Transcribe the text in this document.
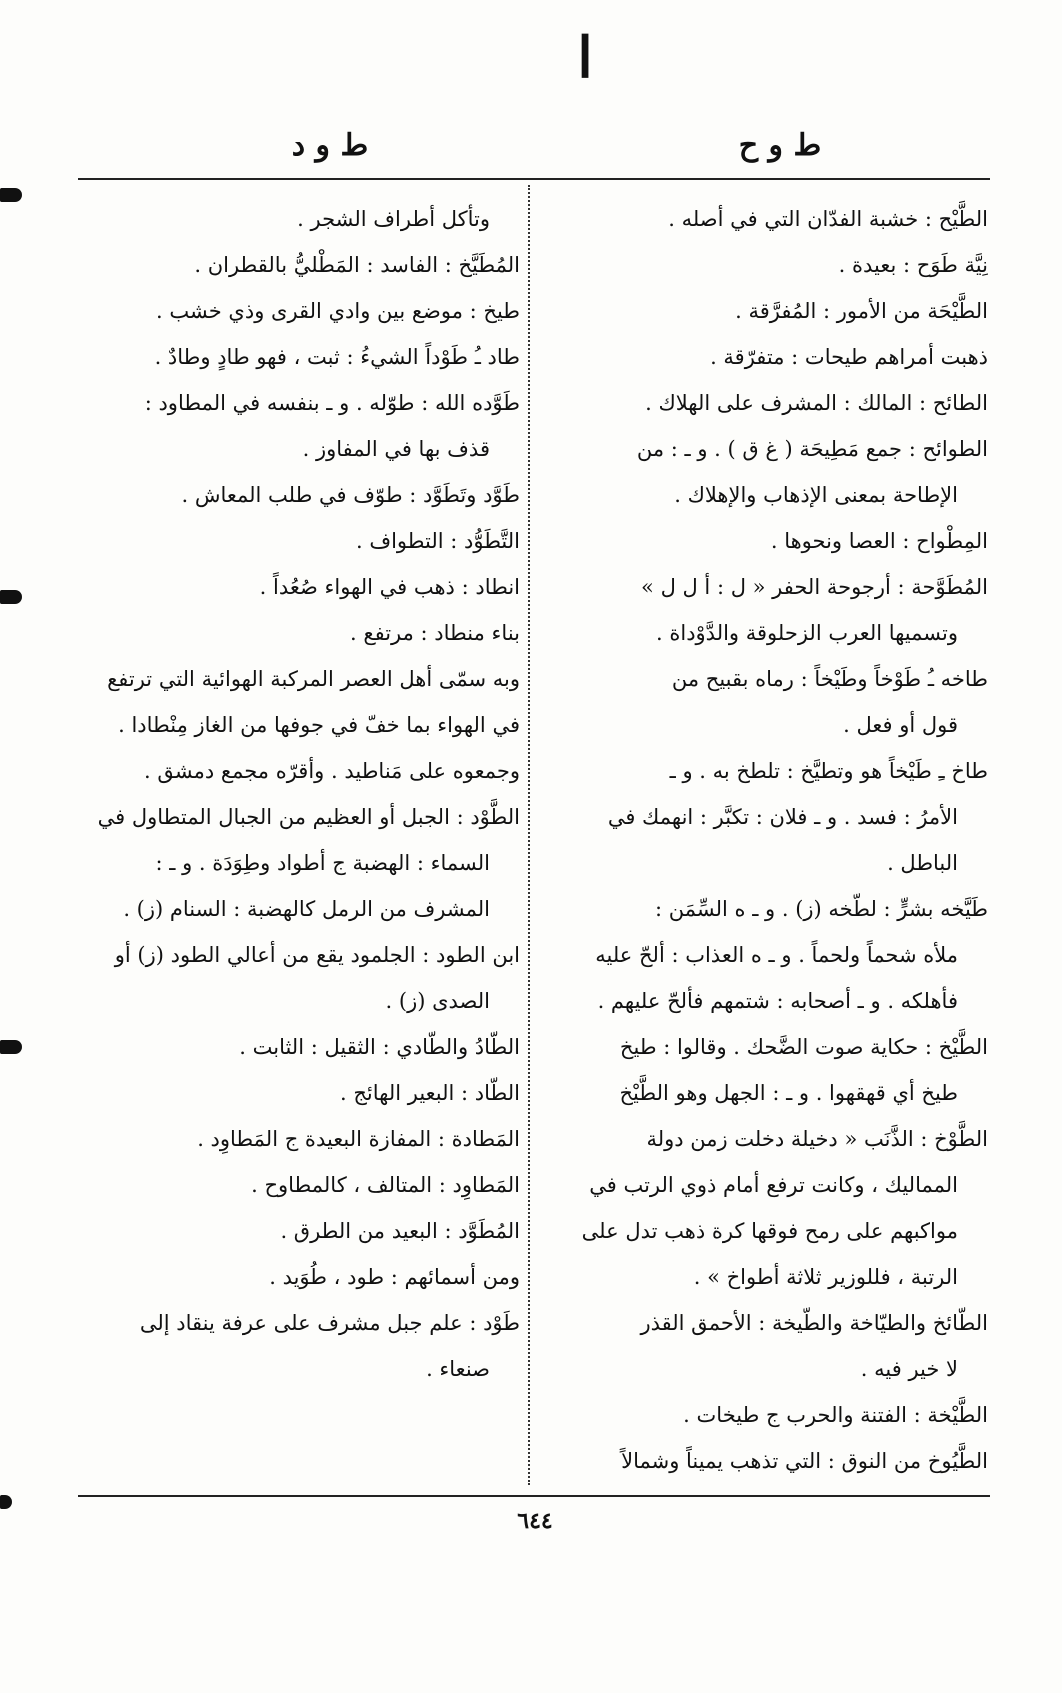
ا
ط و ح
ط و د
الطَّيْح : خشبة الفدّان التي في أصله .
نِيَّة طَوَح : بعيدة .
الطَّيْحَة من الأمور : المُفرَّقة .
ذهبت أمراهم طيحات : متفرّقة .
الطائح : المالك : المشرف على الهلاك .
الطوائح : جمع مَطِيحَة ( غ ق ) . و ـ : من
الإطاحة بمعنى الإذهاب والإهلاك .
المِطْواح : العصا ونحوها .
المُطَوَّحة : أرجوحة الحفر « ل : أ ل ل »
وتسميها العرب الزحلوقة والدَّوْداة .
طاخه ـُ طَوْخاً وطَيْخاً : رماه بقبيح من
قول أو فعل .
طاخ ـِ طَيْخاً هو وتطيَّخ : تلطخ به . و ـ
الأمرُ : فسد . و ـ فلان : تكبَّر : انهمك في
الباطل .
طَيَّخه بشرٍّ : لطّخه (ز) . و ـ ه السِّمَن :
ملأه شحماً ولحماً . و ـ ه العذاب : ألحّ عليه
فأهلكه . و ـ أصحابه : شتمهم فألحّ عليهم .
الطَّيْخ : حكاية صوت الضَّحك . وقالوا : طيخ
طيخ أي قهقهوا . و ـ : الجهل وهو الطَّيْخ
الطَّوْخ : الذَّنَب « دخيلة دخلت زمن دولة
المماليك ، وكانت ترفع أمام ذوي الرتب في
مواكبهم على رمح فوقها كرة ذهب تدل على
الرتبة ، فللوزير ثلاثة أطواخ » .
الطّائخ والطيّاخة والطّيخة : الأحمق القذر
لا خير فيه .
الطَّيْخة : الفتنة والحرب ج طيخات .
الطَّيُوخ من النوق : التي تذهب يميناً وشمالاً
وتأكل أطراف الشجر .
المُطَيَّخ : الفاسد : المَطْليُّ بالقطران .
طيخ : موضع بين وادي القرى وذي خشب .
طاد ـُ طَوْداً الشيءُ : ثبت ، فهو طادٍ وطادٌ .
طَوَّده الله : طوّله . و ـ بنفسه في المطاود :
قذف بها في المفاوز .
طَوَّد وتَطَوَّد : طوّف في طلب المعاش .
التَّطَوُّد : التطواف .
انطاد : ذهب في الهواء صُعُداً .
بناء منطاد : مرتفع .
وبه سمّى أهل العصر المركبة الهوائية التي ترتفع
في الهواء بما خفّ في جوفها من الغاز مِنْطادا .
وجمعوه على مَناطيد . وأقرّه مجمع دمشق .
الطَّوْد : الجبل أو العظيم من الجبال المتطاول في
السماء : الهضبة ج أطواد وطِوَدَة . و ـ :
المشرف من الرمل كالهضبة : السنام (ز) .
ابن الطود : الجلمود يقع من أعالي الطود (ز) أو
الصدى (ز) .
الطّادُ والطّادي : الثقيل : الثابت .
الطّاد : البعير الهائج .
المَطادة : المفازة البعيدة ج المَطاوِد .
المَطاوِد : المتالف ، كالمطاوح .
المُطَوَّد : البعيد من الطرق .
ومن أسمائهم : طود ، طُوَيد .
طَوْد : علم جبل مشرف على عرفة ينقاد إلى
صنعاء .
٦٤٤
